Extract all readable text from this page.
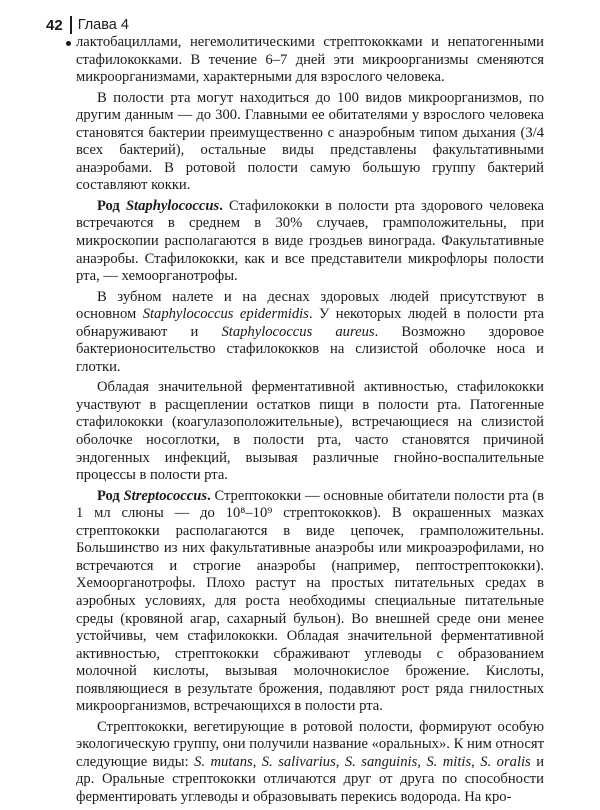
42 Глава 4

лактобациллами, негемолитическими стрептококками и непатогенными стафилококками. В течение 6–7 дней эти микроорганизмы сменяются микроорганизмами, характерными для взрослого человека.

В полости рта могут находиться до 100 видов микроорганизмов, по другим данным — до 300. Главными ее обитателями у взрослого человека становятся бактерии преимущественно с анаэробным типом дыхания (3/4 всех бактерий), остальные виды представлены факультативными анаэробами. В ротовой полости самую большую группу бактерий составляют кокки.

Род Staphylococcus. Стафилококки в полости рта здорового человека встречаются в среднем в 30% случаев, грамположительны, при микроскопии располагаются в виде гроздьев винограда. Факультативные анаэробы. Стафилококки, как и все представители микрофлоры полости рта, — хемоорганотрофы.

В зубном налете и на деснах здоровых людей присутствуют в основном Staphylococcus epidermidis. У некоторых людей в полости рта обнаруживают и Staphylococcus aureus. Возможно здоровое бактерионосительство стафилококков на слизистой оболочке носа и глотки.

Обладая значительной ферментативной активностью, стафилококки участвуют в расщеплении остатков пищи в полости рта. Патогенные стафилококки (коагулазоположительные), встречающиеся на слизистой оболочке носоглотки, в полости рта, часто становятся причиной эндогенных инфекций, вызывая различные гнойно-воспалительные процессы в полости рта.

Род Streptococcus. Стрептококки — основные обитатели полости рта (в 1 мл слюны — до 10⁸–10⁹ стрептококков). В окрашенных мазках стрептококки располагаются в виде цепочек, грамположительны. Большинство из них факультативные анаэробы или микроаэрофилами, но встречаются и строгие анаэробы (например, пептострептококки). Хемоорганотрофы. Плохо растут на простых питательных средах в аэробных условиях, для роста необходимы специальные питательные среды (кровяной агар, сахарный бульон). Во внешней среде они менее устойчивы, чем стафилококки. Обладая значительной ферментативной активностью, стрептококки сбраживают углеводы с образованием молочной кислоты, вызывая молочнокислое брожение. Кислоты, появляющиеся в результате брожения, подавляют рост ряда гнилостных микроорганизмов, встречающихся в полости рта.

Стрептококки, вегетирующие в ротовой полости, формируют особую экологическую группу, они получили название «оральных». К ним относят следующие виды: S. mutans, S. salivarius, S. sanguinis, S. mitis, S. oralis и др. Оральные стрептококки отличаются друг от друга по способности ферментировать углеводы и образовывать перекись водорода. На кро-
